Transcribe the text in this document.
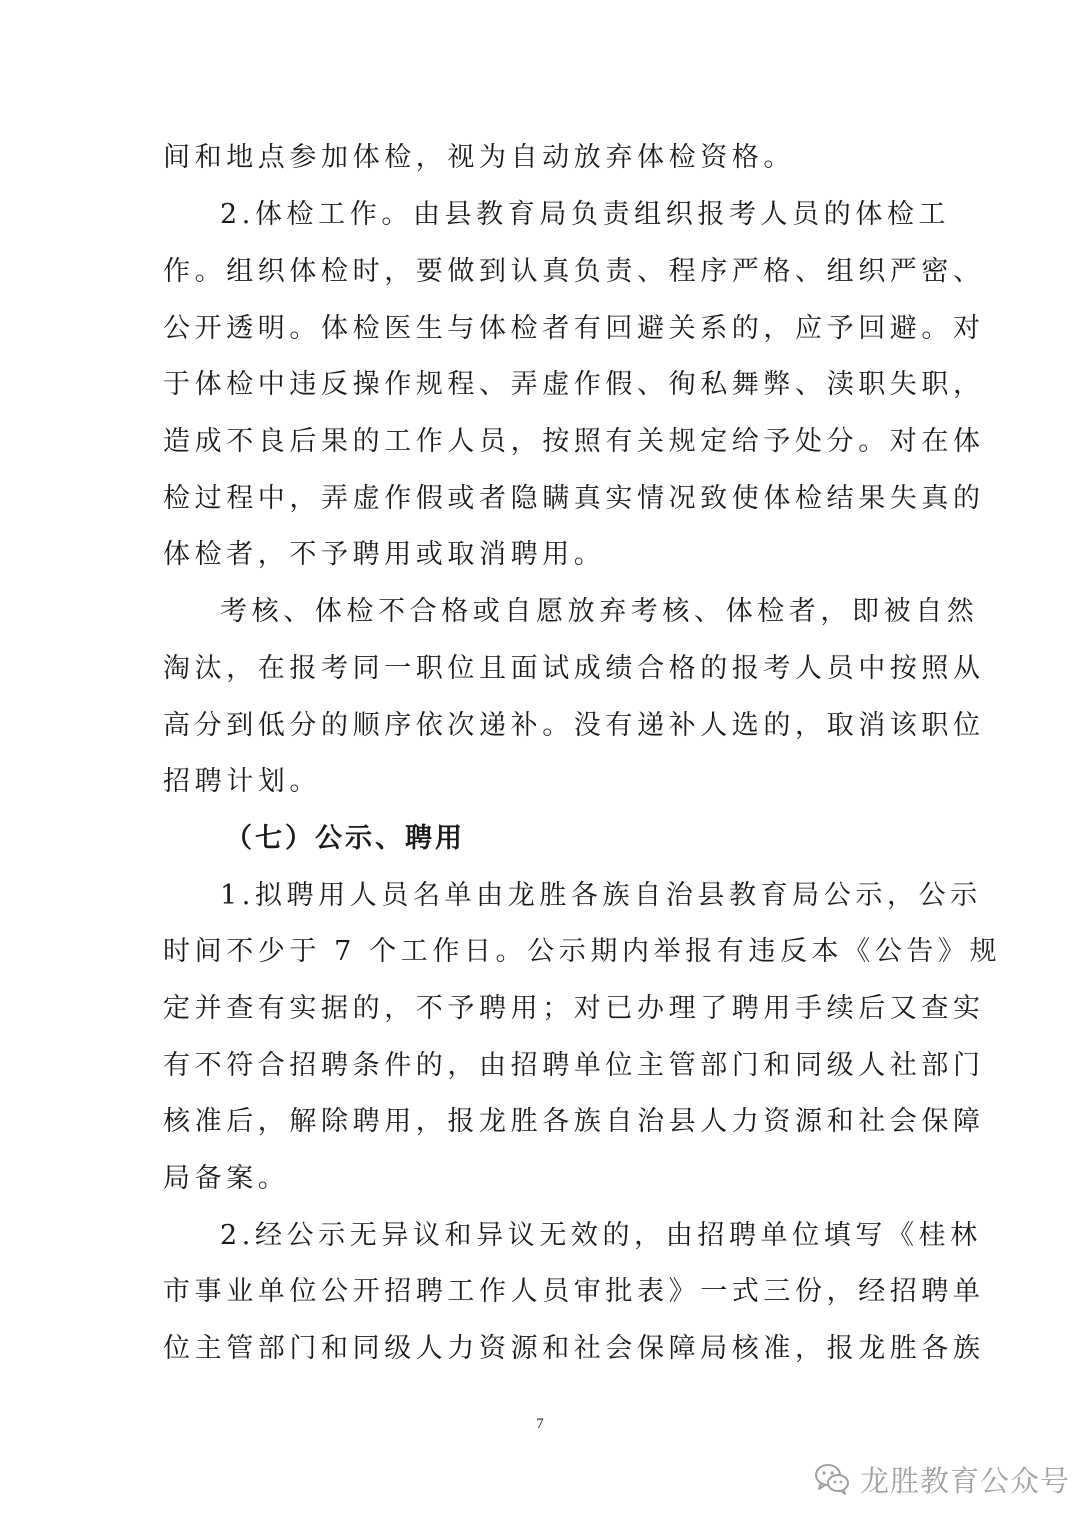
间和地点参加体检，视为自动放弃体检资格。
2.体检工作。由县教育局负责组织报考人员的体检工
作。组织体检时，要做到认真负责、程序严格、组织严密、
公开透明。体检医生与体检者有回避关系的，应予回避。对
于体检中违反操作规程、弄虚作假、徇私舞弊、渎职失职，
造成不良后果的工作人员，按照有关规定给予处分。对在体
检过程中，弄虚作假或者隐瞒真实情况致使体检结果失真的
体检者，不予聘用或取消聘用。
考核、体检不合格或自愿放弃考核、体检者，即被自然
淘汰，在报考同一职位且面试成绩合格的报考人员中按照从
高分到低分的顺序依次递补。没有递补人选的，取消该职位
招聘计划。
（七）公示、聘用
1.拟聘用人员名单由龙胜各族自治县教育局公示，公示
时间不少于 7 个工作日。公示期内举报有违反本《公告》规
定并查有实据的，不予聘用；对已办理了聘用手续后又查实
有不符合招聘条件的，由招聘单位主管部门和同级人社部门
核准后，解除聘用，报龙胜各族自治县人力资源和社会保障
局备案。
2.经公示无异议和异议无效的，由招聘单位填写《桂林
市事业单位公开招聘工作人员审批表》一式三份，经招聘单
位主管部门和同级人力资源和社会保障局核准，报龙胜各族
7
龙胜教育公众号
